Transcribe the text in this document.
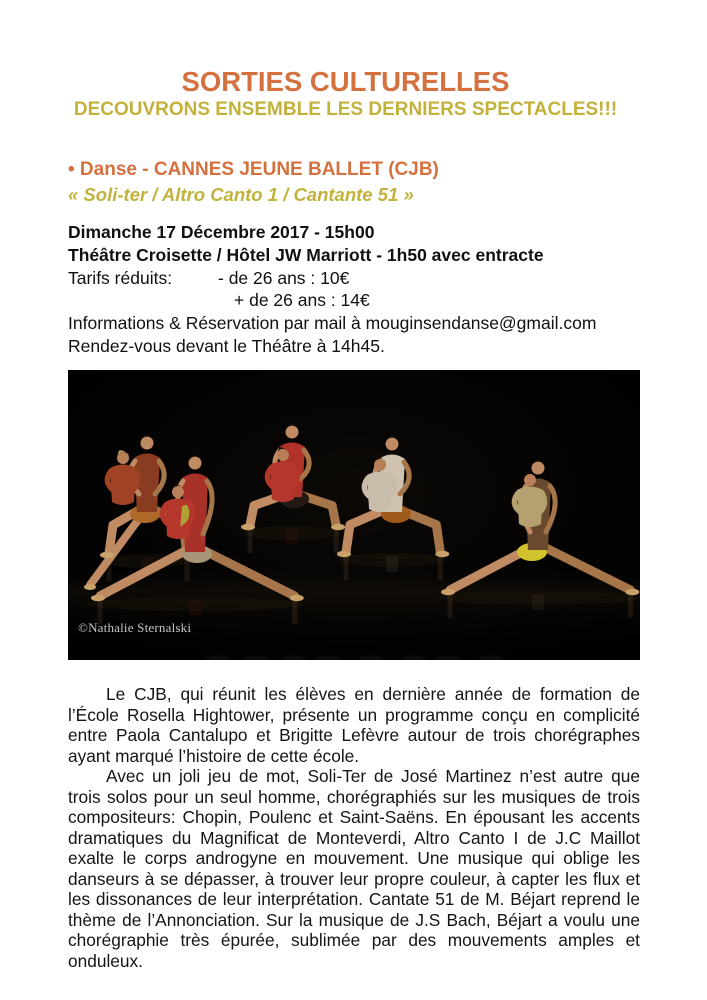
SORTIES CULTURELLES
DECOUVRONS ENSEMBLE LES DERNIERS SPECTACLES!!!
• Danse - CANNES JEUNE BALLET (CJB)
« Soli-ter / Altro Canto 1 / Cantante 51 »
Dimanche 17 Décembre 2017 - 15h00
Théâtre Croisette / Hôtel JW Marriott - 1h50 avec entracte
Tarifs réduits:	- de 26 ans : 10€
+ de 26 ans : 14€
Informations & Réservation par mail à mouginsendanse@gmail.com
Rendez-vous devant le Théâtre à 14h45.
©Nathalie Sternalski

Le CJB, qui réunit les élèves en dernière année de formation de l’École Rosella Hightower, présente un programme conçu en complicité entre Paola Cantalupo et Brigitte Lefèvre autour de trois chorégraphes ayant marqué l’histoire de cette école.

Avec un joli jeu de mot, Soli-Ter de José Martinez n’est autre que trois solos pour un seul homme, chorégraphiés sur les musiques de trois compositeurs: Chopin, Poulenc et Saint-Saëns. En épousant les accents dramatiques du Magnificat de Monteverdi, Altro Canto I de J.C Maillot exalte le corps androgyne en mouvement. Une musique qui oblige les danseurs à se dépasser, à trouver leur propre couleur, à capter les flux et les dissonances de leur interprétation. Cantate 51 de M. Béjart reprend le thème de l’Annonciation. Sur la musique de J.S Bach, Béjart a voulu une chorégraphie très épurée, sublimée par des mouvements amples et onduleux.
